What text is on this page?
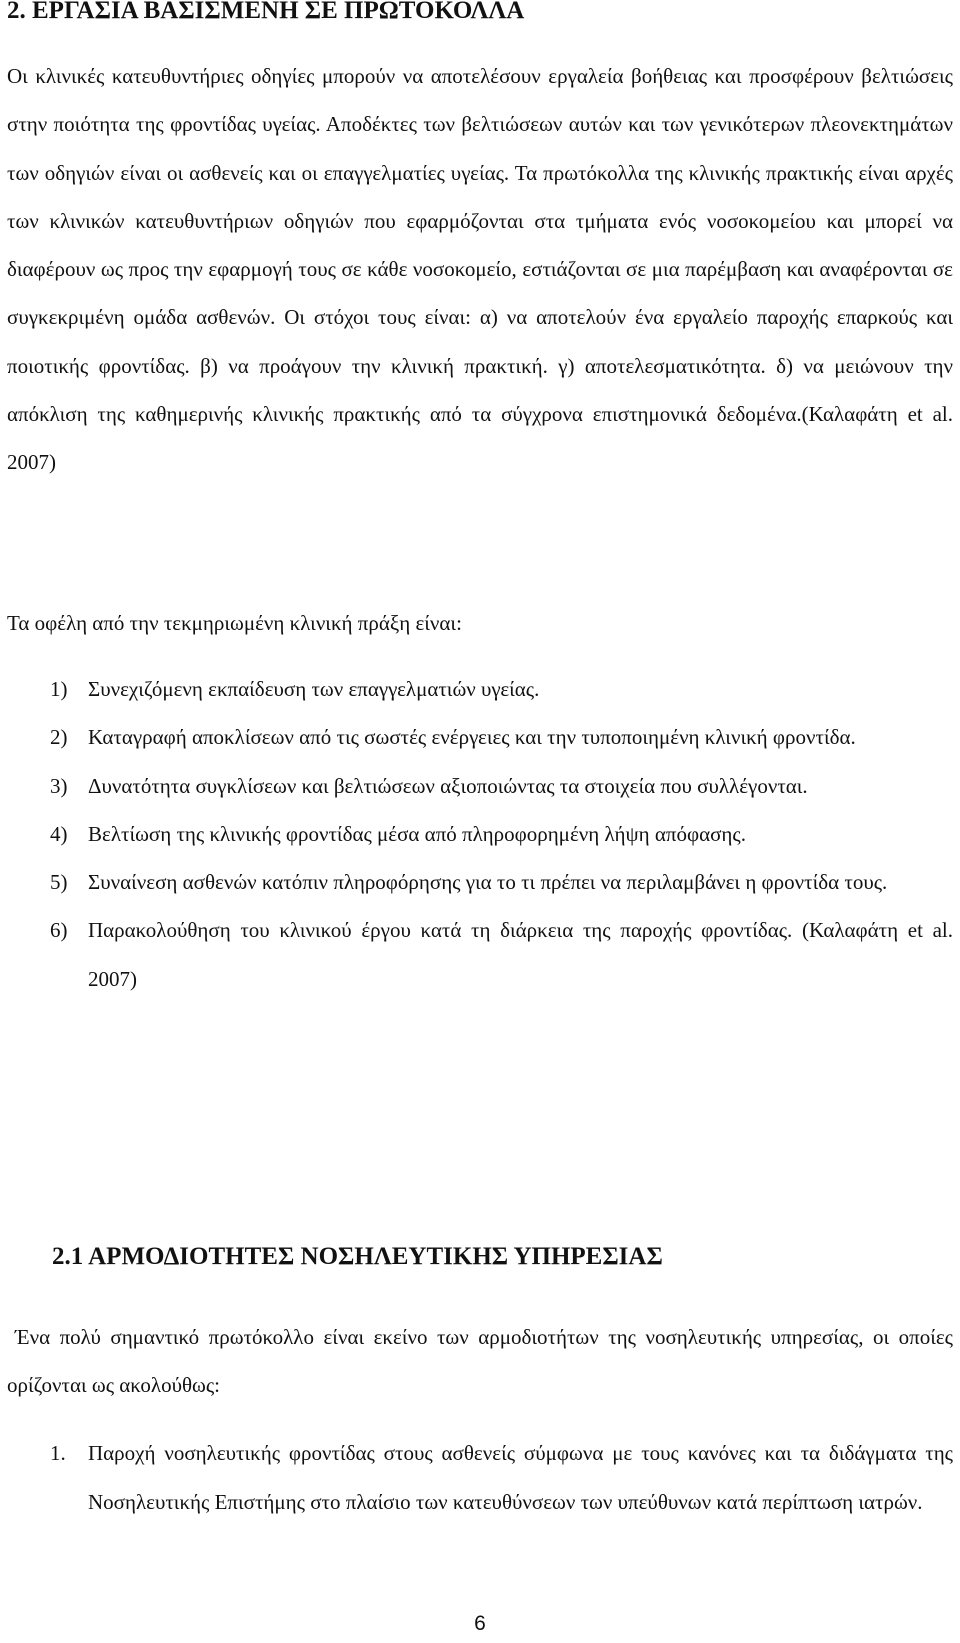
2. ΕΡΓΑΣΙΑ ΒΑΣΙΣΜΕΝΗ ΣΕ ΠΡΩΤΟΚΟΛΛΑ

Οι κλινικές κατευθυντήριες οδηγίες μπορούν να αποτελέσουν εργαλεία βοήθειας και προσφέρουν βελτιώσεις στην ποιότητα της φροντίδας υγείας. Αποδέκτες των βελτιώσεων αυτών και των γενικότερων πλεονεκτημάτων των οδηγιών είναι οι ασθενείς και οι επαγγελματίες υγείας. Τα πρωτόκολλα της κλινικής πρακτικής είναι αρχές των κλινικών κατευθυντήριων οδηγιών που εφαρμόζονται στα τμήματα ενός νοσοκομείου και μπορεί να διαφέρουν ως προς την εφαρμογή τους σε κάθε νοσοκομείο, εστιάζονται σε μια παρέμβαση και αναφέρονται σε συγκεκριμένη ομάδα ασθενών. Οι στόχοι τους είναι: α) να αποτελούν ένα εργαλείο παροχής επαρκούς και ποιοτικής φροντίδας. β) να προάγουν την κλινική πρακτική. γ) αποτελεσματικότητα. δ) να μειώνουν την απόκλιση της καθημερινής κλινικής πρακτικής από τα σύγχρονα επιστημονικά δεδομένα.(Καλαφάτη et al. 2007)

Τα οφέλη από την τεκμηριωμένη κλινική πράξη είναι:

1) Συνεχιζόμενη εκπαίδευση των επαγγελματιών υγείας.
2) Καταγραφή αποκλίσεων από τις σωστές ενέργειες και την τυποποιημένη κλινική φροντίδα.
3) Δυνατότητα συγκλίσεων και βελτιώσεων αξιοποιώντας τα στοιχεία που συλλέγονται.
4) Βελτίωση της κλινικής φροντίδας μέσα από πληροφορημένη λήψη απόφασης.
5) Συναίνεση ασθενών κατόπιν πληροφόρησης για το τι πρέπει να περιλαμβάνει η φροντίδα τους.
6) Παρακολούθηση του κλινικού έργου κατά τη διάρκεια της παροχής φροντίδας. (Καλαφάτη et al. 2007)
2.1 ΑΡΜΟΔΙΟΤΗΤΕΣ ΝΟΣΗΛΕΥΤΙΚΗΣ ΥΠΗΡΕΣΙΑΣ

Ένα πολύ σημαντικό πρωτόκολλο είναι εκείνο των αρμοδιοτήτων της νοσηλευτικής υπηρεσίας, οι οποίες ορίζονται ως ακολούθως:

1. Παροχή νοσηλευτικής φροντίδας στους ασθενείς σύμφωνα με τους κανόνες και τα διδάγματα της Νοσηλευτικής Επιστήμης στο πλαίσιο των κατευθύνσεων των υπεύθυνων κατά περίπτωση ιατρών.
6
